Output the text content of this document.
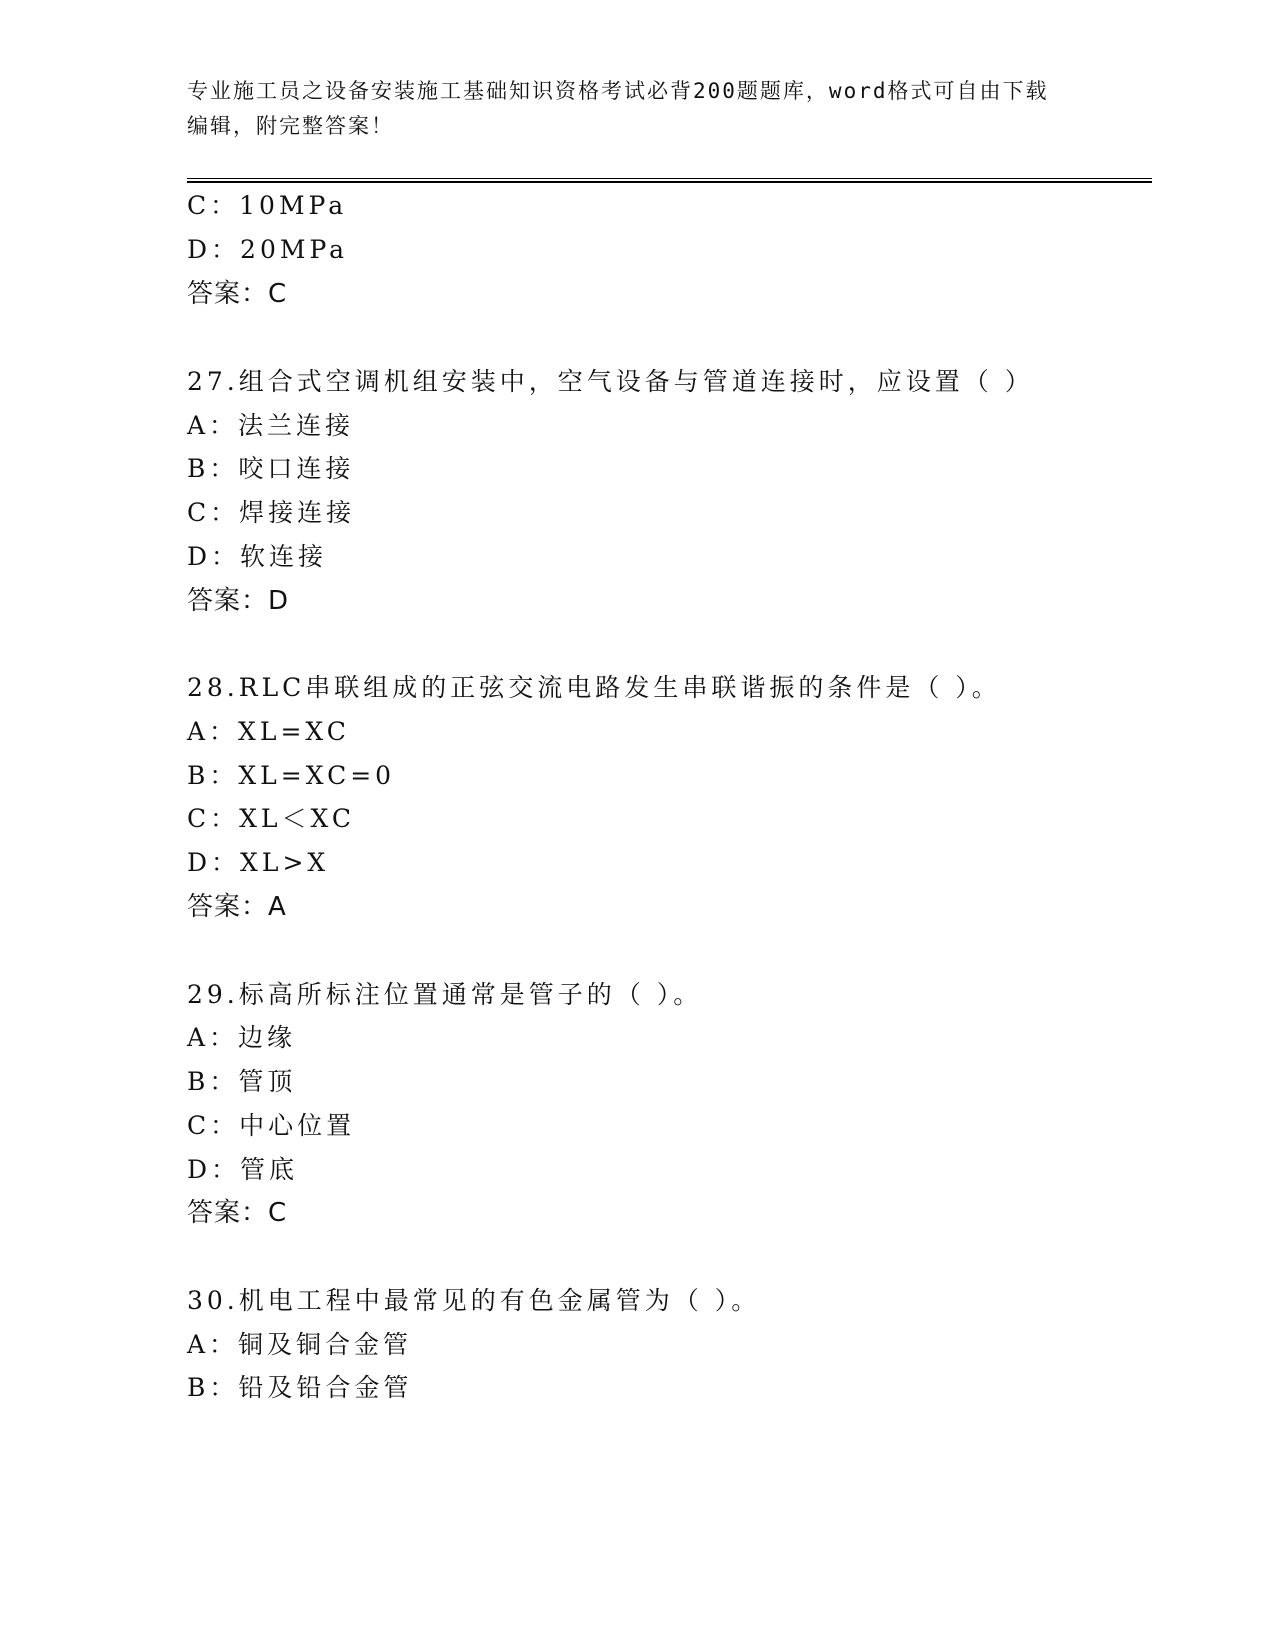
专业施工员之设备安装施工基础知识资格考试必背200题题库，word格式可自由下载编辑，附完整答案！
C：10MPa
D：20MPa
答案：C
27.组合式空调机组安装中，空气设备与管道连接时，应设置（ ）
A：法兰连接
B：咬口连接
C：焊接连接
D：软连接
答案：D
28.RLC串联组成的正弦交流电路发生串联谐振的条件是（ ）。
A：XL=XC
B：XL=XC=0
C：XL＜XC
D：XL>X
答案：A
29.标高所标注位置通常是管子的（ ）。
A：边缘
B：管顶
C：中心位置
D：管底
答案：C
30.机电工程中最常见的有色金属管为（ ）。
A：铜及铜合金管
B：铅及铅合金管
